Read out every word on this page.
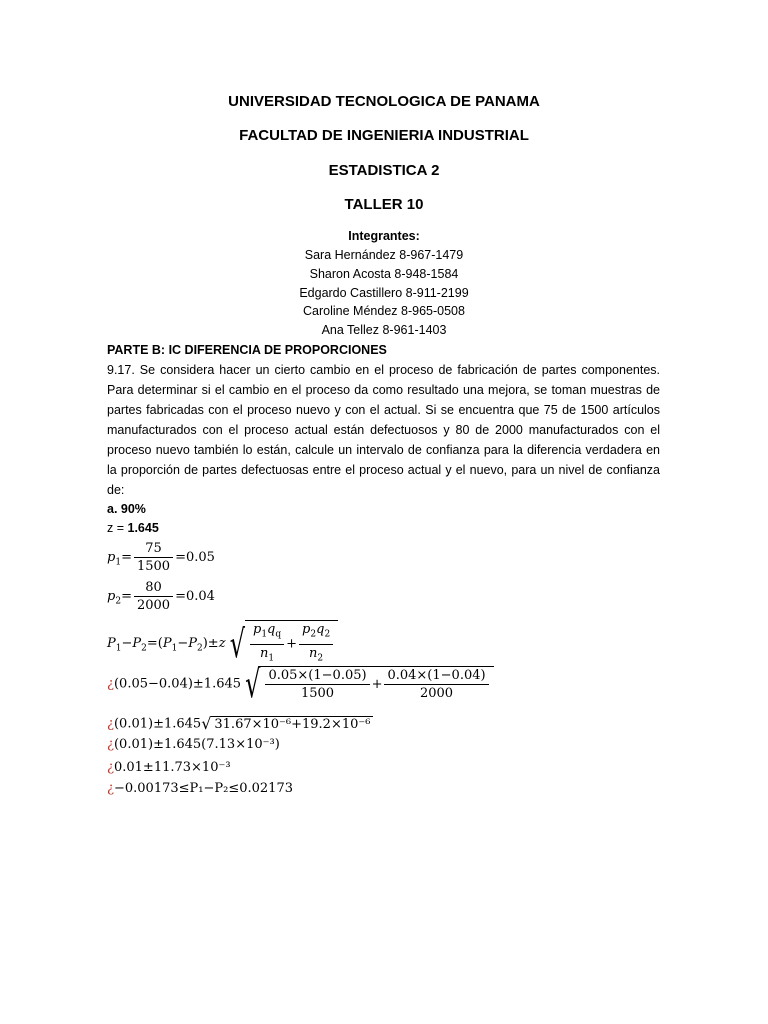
UNIVERSIDAD TECNOLOGICA DE PANAMA
FACULTAD DE INGENIERIA INDUSTRIAL
ESTADISTICA 2
TALLER 10
Integrantes:
Sara Hernández 8-967-1479
Sharon Acosta 8-948-1584
Edgardo Castillero 8-911-2199
Caroline Méndez 8-965-0508
Ana Tellez 8-961-1403
PARTE B: IC DIFERENCIA DE PROPORCIONES
9.17. Se considera hacer un cierto cambio en el proceso de fabricación de partes componentes.
Para determinar si el cambio en el proceso da como resultado una mejora, se toman muestras de
partes fabricadas con el proceso nuevo y con el actual. Si se encuentra que 75 de 1500 artículos
manufacturados con el proceso actual están defectuosos y 80 de 2000 manufacturados con el
proceso nuevo también lo están, calcule un intervalo de confianza para la diferencia verdadera en
la proporción de partes defectuosas entre el proceso actual y el nuevo, para un nivel de confianza
de:
a. 90%
z = 1.645
$p_1= \frac{75}{1500} =0.05$
$p_2= \frac{80}{2000} =0.04$
$P_1-P_2=(P_1-P_2)\pm z$ √ $\frac{p_1q_q}{n_1} + \frac{p_2q_2}{n_2}$
¿(0.05−0.04)±1.645 √ $\frac{0.05\times(1-0.05)}{1500} + \frac{0.04\times(1-0.04)}{2000}$
¿(0.01)±1.645√ 31.67×10⁻⁶+19.2×10⁻⁶
¿(0.01)±1.645(7.13×10⁻³)
¿0.01±11.73×10⁻³
¿−0.00173≤P₁−P₂≤0.02173
